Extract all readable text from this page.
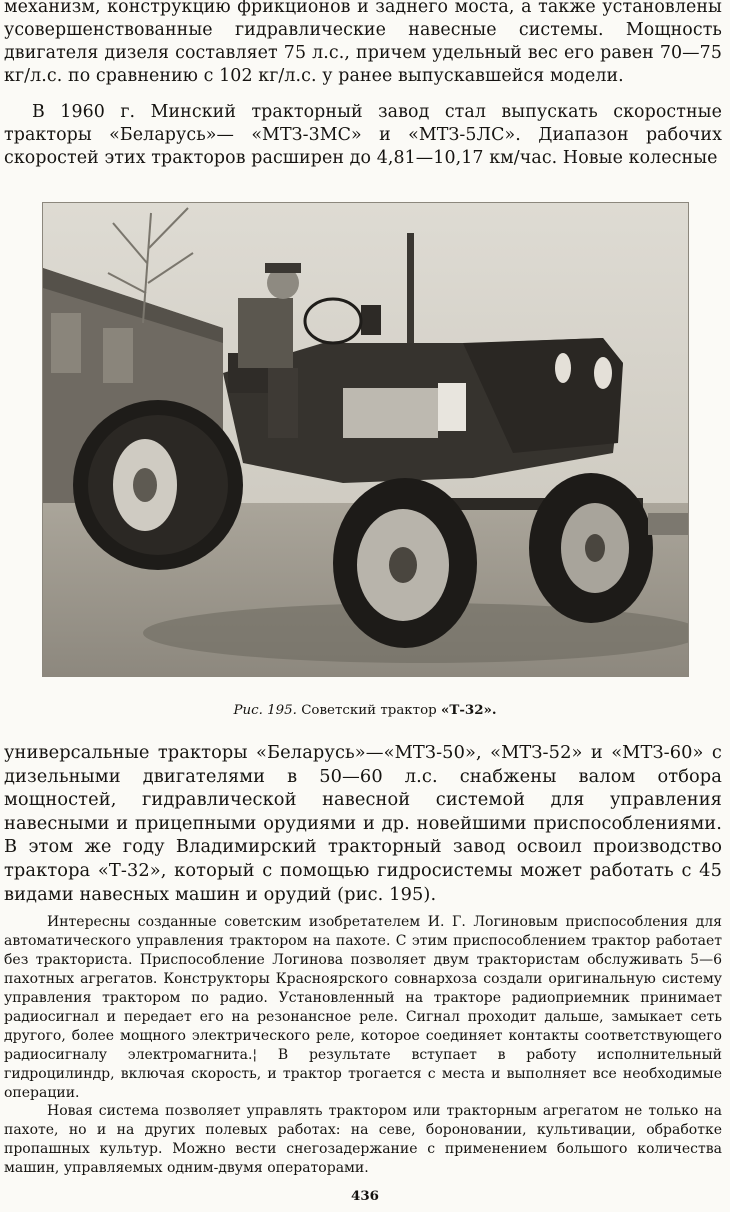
механизм, конструкцию фрикционов и заднего моста, а также установлены усовершенствованные гидравлические навесные системы. Мощность двигателя дизеля составляет 75 л.с., причем удельный вес его равен 70—75 кг/л.с. по сравнению с 102 кг/л.с. у ранее выпускавшейся модели.

В 1960 г. Минский тракторный завод стал выпускать скоростные тракторы «Беларусь»— «МТЗ-3МС» и «МТЗ-5ЛС». Диапазон рабочих скоростей этих тракторов расширен до 4,81—10,17 км/час. Новые колесные

Рис. 195. Советский трактор «Т-32».

универсальные тракторы «Беларусь»—«МТЗ-50», «МТЗ-52» и «МТЗ-60» с дизельными двигателями в 50—60 л.с. снабжены валом отбора мощностей, гидравлической навесной системой для управления навесными и прицепными орудиями и др. новейшими приспособлениями. В этом же году Владимирский тракторный завод освоил производство трактора «Т-32», который с помощью гидросистемы может работать с 45 видами навесных машин и орудий (рис. 195).

Интересны созданные советским изобретателем И. Г. Логиновым приспособления для автоматического управления трактором на пахоте. С этим приспособлением трактор работает без тракториста. Приспособление Логинова позволяет двум трактористам обслуживать 5—6 пахотных агрегатов. Конструкторы Красноярского совнархоза создали оригинальную систему управления трактором по радио. Установленный на тракторе радиоприемник принимает радиосигнал и передает его на резонансное реле. Сигнал проходит дальше, замыкает сеть другого, более мощного электрического реле, которое соединяет контакты соответствующего радиосигналу электромагнита.¦ В результате вступает в работу исполнительный гидроцилиндр, включая скорость, и трактор трогается с места и выполняет все необходимые операции.

Новая система позволяет управлять трактором или тракторным агрегатом не только на пахоте, но и на других полевых работах: на севе, бороновании, культивации, обработке пропашных культур. Можно вести снегозадержание с применением большого количества машин, управляемых одним-двумя операторами.

436
